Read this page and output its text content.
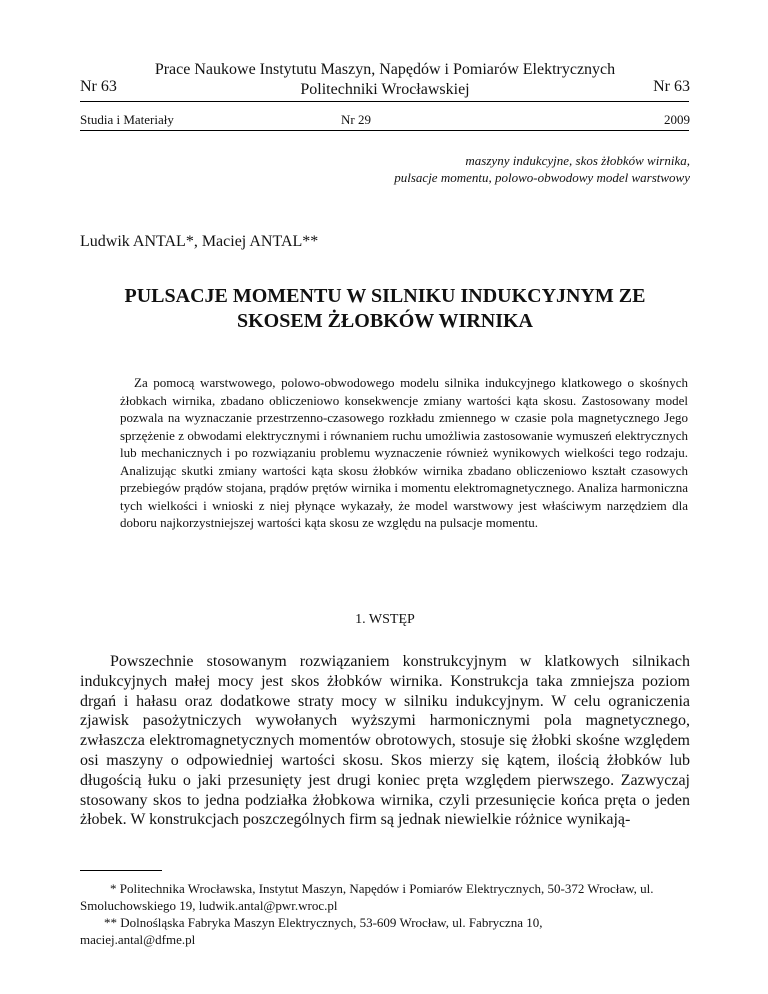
Prace Naukowe Instytutu Maszyn, Napędów i Pomiarów Elektrycznych
Politechniki Wrocławskiej
Nr 63	Nr 63
Studia i Materiały	Nr 29	2009
maszyny indukcyjne, skos żłobków wirnika,
pulsacje momentu, polowo-obwodowy model warstwowy
Ludwik ANTAL*, Maciej ANTAL**
PULSACJE MOMENTU W SILNIKU INDUKCYJNYM ZE
SKOSEM ŻŁOBKÓW WIRNIKA

Za pomocą warstwowego, polowo-obwodowego modelu silnika indukcyjnego klatkowego o skośnych żłobkach wirnika, zbadano obliczeniowo konsekwencje zmiany wartości kąta skosu. Zastosowany model pozwala na wyznaczanie przestrzenno-czasowego rozkładu zmiennego w czasie pola magnetycznego Jego sprzężenie z obwodami elektrycznymi i równaniem ruchu umożliwia zastosowanie wymuszeń elektrycznych lub mechanicznych i po rozwiązaniu problemu wyznaczenie również wynikowych wielkości tego rodzaju. Analizując skutki zmiany wartości kąta skosu żłobków wirnika zbadano obliczeniowo kształt czasowych przebiegów prądów stojana, prądów prętów wirnika i momentu elektromagnetycznego. Analiza harmoniczna tych wielkości i wnioski z niej płynące wykazały, że model warstwowy jest właściwym narzędziem dla doboru najkorzystniejszej wartości kąta skosu ze względu na pulsacje momentu.

1. WSTĘP

Powszechnie stosowanym rozwiązaniem konstrukcyjnym w klatkowych silnikach indukcyjnych małej mocy jest skos żłobków wirnika. Konstrukcja taka zmniejsza poziom drgań i hałasu oraz dodatkowe straty mocy w silniku indukcyjnym. W celu ograniczenia zjawisk pasożytniczych wywołanych wyższymi harmonicznymi pola magnetycznego, zwłaszcza elektromagnetycznych momentów obrotowych, stosuje się żłobki skośne względem osi maszyny o odpowiedniej wartości skosu. Skos mierzy się kątem, ilością żłobków lub długością łuku o jaki przesunięty jest drugi koniec pręta względem pierwszego. Zazwyczaj stosowany skos to jedna podziałka żłobkowa wirnika, czyli przesunięcie końca pręta o jeden żłobek. W konstrukcjach poszczególnych firm są jednak niewielkie różnice wynikają-

* Politechnika Wrocławska, Instytut Maszyn, Napędów i Pomiarów Elektrycznych, 50-372 Wrocław, ul. Smoluchowskiego 19, ludwik.antal@pwr.wroc.pl

** Dolnośląska Fabryka Maszyn Elektrycznych, 53-609 Wrocław, ul. Fabryczna 10,
maciej.antal@dfme.pl
